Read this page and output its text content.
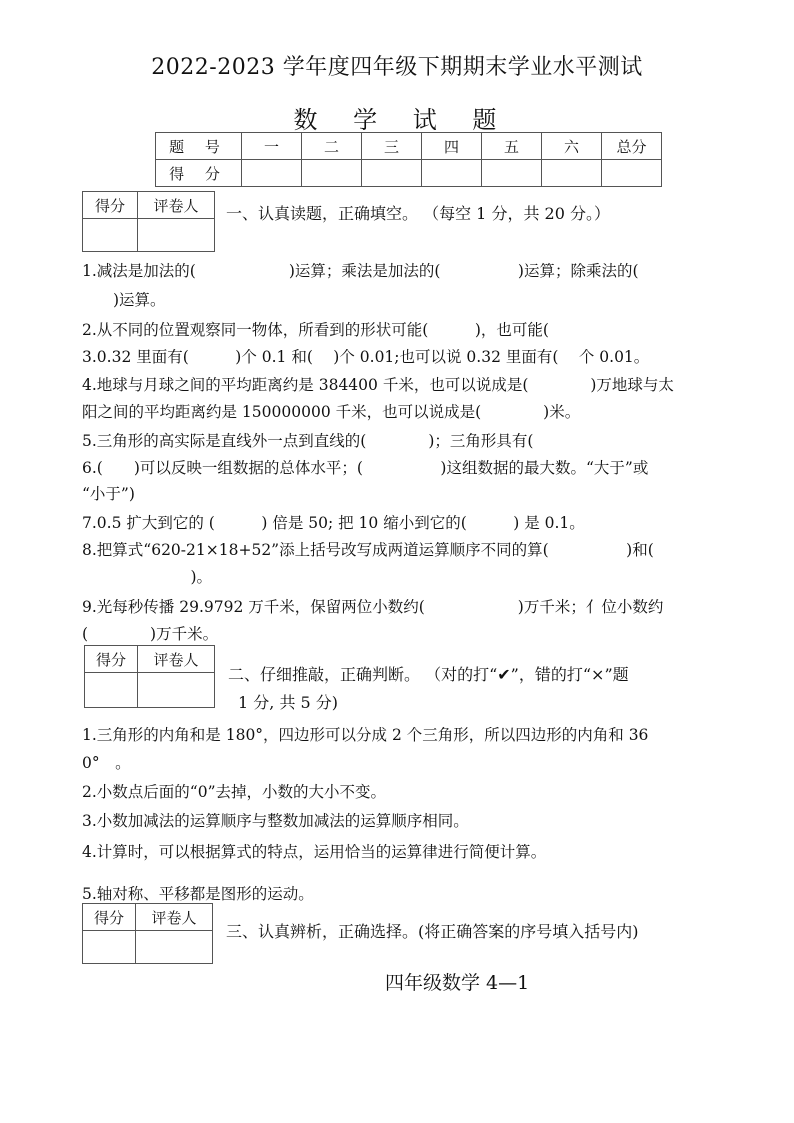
2022-2023 学年度四年级下期期末学业水平测试
数 学 试 题
题 号	一	二	三	四	五	六	总分
得 分							
得分	评卷人
	一、认真读题，正确填空。 （每空 1 分，共 20 分。）
1.减法是加法的(　　　　　　)运算；乘法是加法的(　　　　　)运算；除乘法的(
　　)运算。
2.从不同的位置观察同一物体，所看到的形状可能(　　　)，也可能(
3.0.32 里面有(　　　)个 0.1 和(　 )个 0.01;也可以说 0.32 里面有(　 个 0.01。
4.地球与月球之间的平均距离约是 384400 千米，也可以说成是(　　　　)万地球与太
阳之间的平均距离约是 150000000 千米，也可以说成是(　　　　)米。
5.三角形的高实际是直线外一点到直线的(　　　　)；三角形具有(
6.(　　)可以反映一组数据的总体水平；(　　　　　)这组数据的最大数。“大于”或
“小于”)
7.0.5 扩大到它的 (　　　) 倍是 50; 把 10 缩小到它的(　　　) 是 0.1。
8.把算式“620-21×18+52”添上括号改写成两道运算顺序不同的算(　　　　　)和(
　　　　　　　)。
9.光每秒传播 29.9792 万千米，保留两位小数约(　　　　　　)万千米；亻位小数约
(　　　　)万千米。
得分	评卷人

二、仔细推敲，正确判断。 （对的打“✔”，错的打“×”题
1 分, 共 5 分)
1.三角形的内角和是 180°，四边形可以分成 2 个三角形，所以四边形的内角和 36
0°　。
2.小数点后面的“0”去掉，小数的大小不变。
3.小数加减法的运算顺序与整数加减法的运算顺序相同。
4.计算时，可以根据算式的特点，运用恰当的运算律进行简便计算。
5.轴对称、平移都是图形的运动。
得分	评卷人

三、认真辨析，正确选择。(将正确答案的序号填入括号内)
四年级数学 4—1
